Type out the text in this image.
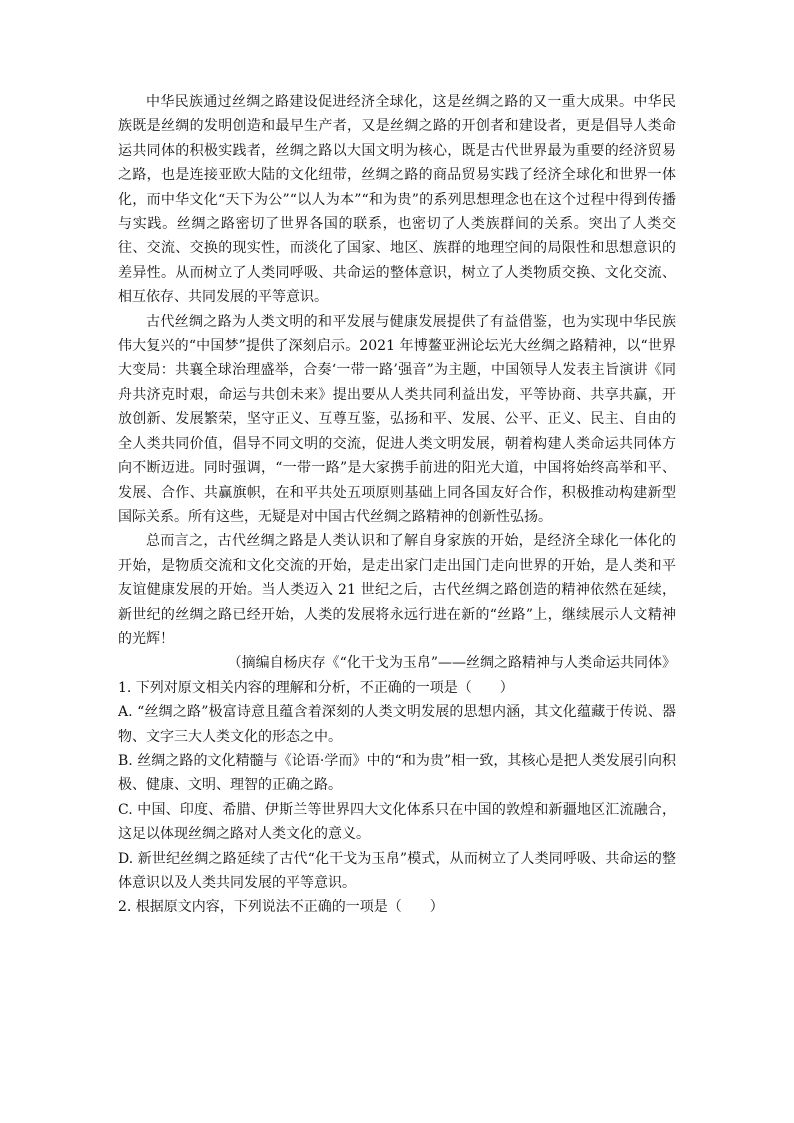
中华民族通过丝绸之路建设促进经济全球化，这是丝绸之路的又一重大成果。中华民族既是丝绸的发明创造和最早生产者，又是丝绸之路的开创者和建设者，更是倡导人类命运共同体的积极实践者，丝绸之路以大国文明为核心，既是古代世界最为重要的经济贸易之路，也是连接亚欧大陆的文化纽带，丝绸之路的商品贸易实践了经济全球化和世界一体化，而中华文化“天下为公”“以人为本”“和为贵”的系列思想理念也在这个过程中得到传播与实践。丝绸之路密切了世界各国的联系，也密切了人类族群间的关系。突出了人类交往、交流、交换的现实性，而淡化了国家、地区、族群的地理空间的局限性和思想意识的差异性。从而树立了人类同呼吸、共命运的整体意识，树立了人类物质交换、文化交流、相互依存、共同发展的平等意识。

古代丝绸之路为人类文明的和平发展与健康发展提供了有益借鉴，也为实现中华民族伟大复兴的“中国梦”提供了深刻启示。2021 年博鳌亚洲论坛光大丝绸之路精神，以“世界大变局：共襄全球治理盛举，合奏‘一带一路’强音”为主题，中国领导人发表主旨演讲《同舟共济克时艰，命运与共创未来》提出要从人类共同利益出发，平等协商、共享共赢，开放创新、发展繁荣，坚守正义、互尊互鉴，弘扬和平、发展、公平、正义、民主、自由的全人类共同价值，倡导不同文明的交流，促进人类文明发展，朝着构建人类命运共同体方向不断迈进。同时强调，“一带一路”是大家携手前进的阳光大道，中国将始终高举和平、发展、合作、共赢旗帜，在和平共处五项原则基础上同各国友好合作，积极推动构建新型国际关系。所有这些，无疑是对中国古代丝绸之路精神的创新性弘扬。

总而言之，古代丝绸之路是人类认识和了解自身家族的开始，是经济全球化一体化的开始，是物质交流和文化交流的开始，是走出家门走出国门走向世界的开始，是人类和平友谊健康发展的开始。当人类迈入 21 世纪之后，古代丝绸之路创造的精神依然在延续，新世纪的丝绸之路已经开始，人类的发展将永远行进在新的“丝路”上，继续展示人文精神的光辉！

（摘编自杨庆存《“化干戈为玉帛”——丝绸之路精神与人类命运共同体》

1. 下列对原文相关内容的理解和分析，不正确的一项是（　　）

A. “丝绸之路”极富诗意且蕴含着深刻的人类文明发展的思想内涵，其文化蕴藏于传说、器物、文字三大人类文化的形态之中。

B. 丝绸之路的文化精髓与《论语·学而》中的“和为贵”相一致，其核心是把人类发展引向积极、健康、文明、理智的正确之路。

C. 中国、印度、希腊、伊斯兰等世界四大文化体系只在中国的敦煌和新疆地区汇流融合，这足以体现丝绸之路对人类文化的意义。

D. 新世纪丝绸之路延续了古代“化干戈为玉帛”模式，从而树立了人类同呼吸、共命运的整体意识以及人类共同发展的平等意识。

2. 根据原文内容，下列说法不正确的一项是（　　）
